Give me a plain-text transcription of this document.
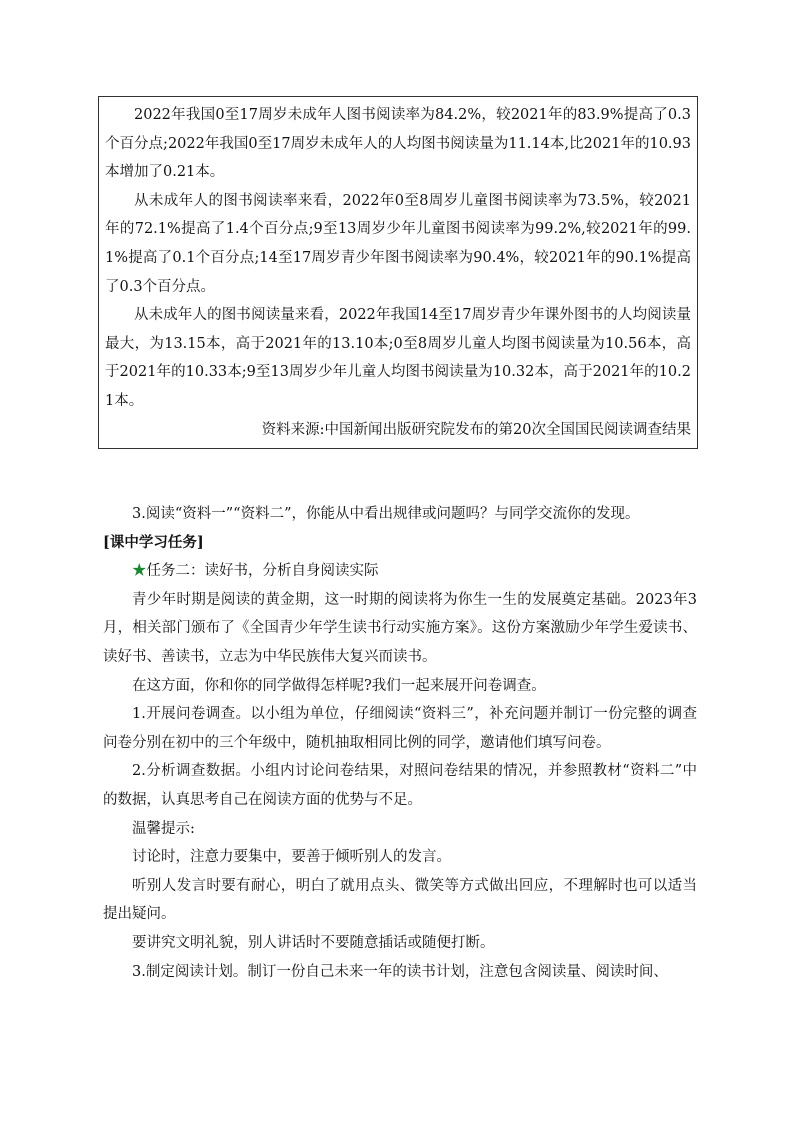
2022年我国0至17周岁未成年人图书阅读率为84.2%，较2021年的83.9%提高了0.3个百分点;2022年我国0至17周岁未成年人的人均图书阅读量为11.14本,比2021年的10.93本增加了0.21本。

从未成年人的图书阅读率来看，2022年0至8周岁儿童图书阅读率为73.5%，较2021年的72.1%提高了1.4个百分点;9至13周岁少年儿童图书阅读率为99.2%,较2021年的99.1%提高了0.1个百分点;14至17周岁青少年图书阅读率为90.4%，较2021年的90.1%提高了0.3个百分点。

从未成年人的图书阅读量来看，2022年我国14至17周岁青少年课外图书的人均阅读量最大，为13.15本，高于2021年的13.10本;0至8周岁儿童人均图书阅读量为10.56本，高于2021年的10.33本;9至13周岁少年儿童人均图书阅读量为10.32本，高于2021年的10.21本。

资料来源:中国新闻出版研究院发布的第20次全国国民阅读调查结果

3.阅读“资料一”“资料二”，你能从中看出规律或问题吗？与同学交流你的发现。

[课中学习任务]

★任务二：读好书，分析自身阅读实际

青少年时期是阅读的黄金期，这一时期的阅读将为你生一生的发展奠定基础。2023年3月，相关部门颁布了《全国青少年学生读书行动实施方案》。这份方案激励少年学生爱读书、读好书、善读书，立志为中华民族伟大复兴而读书。

在这方面，你和你的同学做得怎样呢?我们一起来展开问卷调查。

1.开展问卷调查。以小组为单位，仔细阅读“资料三”，补充问题并制订一份完整的调查问卷分别在初中的三个年级中，随机抽取相同比例的同学，邀请他们填写问卷。

2.分析调查数据。小组内讨论问卷结果，对照问卷结果的情况，并参照教材“资料二”中的数据，认真思考自己在阅读方面的优势与不足。

温馨提示:

讨论时，注意力要集中，要善于倾听别人的发言。

听别人发言时要有耐心，明白了就用点头、微笑等方式做出回应，不理解时也可以适当提出疑问。

要讲究文明礼貌，别人讲话时不要随意插话或随便打断。

3.制定阅读计划。制订一份自己未来一年的读书计划，注意包含阅读量、阅读时间、
